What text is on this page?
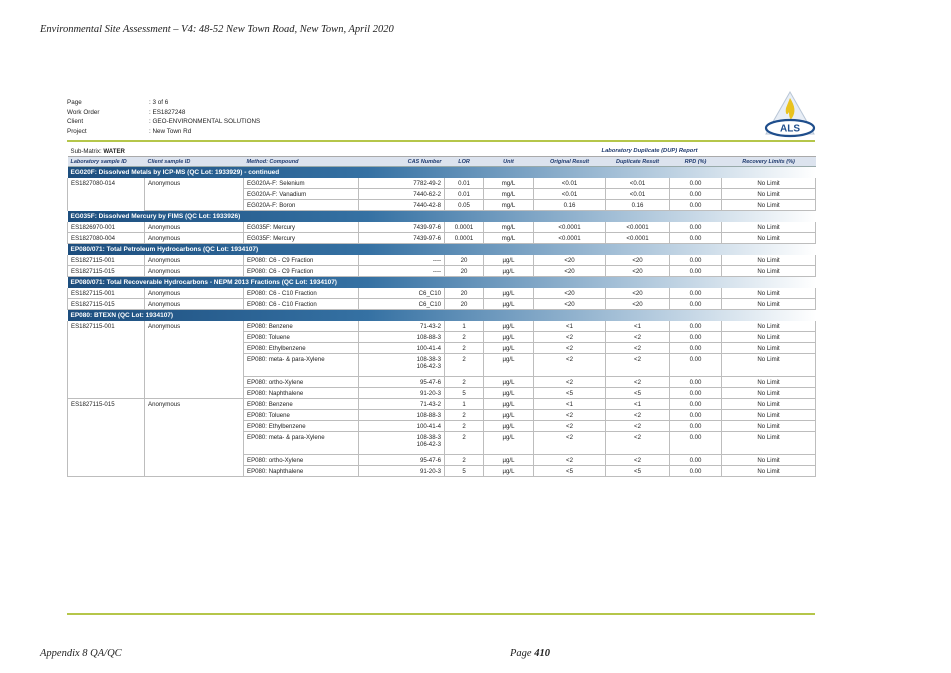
Environmental Site Assessment – V4: 48-52 New Town Road, New Town, April 2020
Page	: 3 of 6
Work Order	: ES1827248
Client	: GEO-ENVIRONMENTAL SOLUTIONS
Project	: New Town Rd	ALS
Sub-Matrix: WATER					Laboratory Duplicate (DUP) Report				
Laboratory sample ID	Client sample ID	Method: Compound	CAS Number	LOR	Unit	Original Result	Duplicate Result	RPD (%)	Recovery Limits (%)
EG020F: Dissolved Metals by ICP-MS (QC Lot: 1933929) - continued									
ES1827080-014	Anonymous	EG020A-F: Selenium	7782-49-2	0.01	mg/L	<0.01	<0.01	0.00	No Limit
		EG020A-F: Vanadium	7440-62-2	0.01	mg/L	<0.01	<0.01	0.00	No Limit
		EG020A-F: Boron	7440-42-8	0.05	mg/L	0.16	0.16	0.00	No Limit
EG035F: Dissolved Mercury by FIMS (QC Lot: 1933926)									
ES1826970-001	Anonymous	EG035F: Mercury	7439-97-6	0.0001	mg/L	<0.0001	<0.0001	0.00	No Limit
ES1827080-004	Anonymous	EG035F: Mercury	7439-97-6	0.0001	mg/L	<0.0001	<0.0001	0.00	No Limit
EP080/071: Total Petroleum Hydrocarbons (QC Lot: 1934107)									
ES1827115-001	Anonymous	EP080: C6 - C9 Fraction	----	20	µg/L	<20	<20	0.00	No Limit
ES1827115-015	Anonymous	EP080: C6 - C9 Fraction	----	20	µg/L	<20	<20	0.00	No Limit
EP080/071: Total Recoverable Hydrocarbons - NEPM 2013 Fractions (QC Lot: 1934107)									
ES1827115-001	Anonymous	EP080: C6 - C10 Fraction	C6_C10	20	µg/L	<20	<20	0.00	No Limit
ES1827115-015	Anonymous	EP080: C6 - C10 Fraction	C6_C10	20	µg/L	<20	<20	0.00	No Limit
EP080: BTEXN (QC Lot: 1934107)									
ES1827115-001	Anonymous	EP080: Benzene	71-43-2	1	µg/L	<1	<1	0.00	No Limit
		EP080: Toluene	108-88-3	2	µg/L	<2	<2	0.00	No Limit
		EP080: Ethylbenzene	100-41-4	2	µg/L	<2	<2	0.00	No Limit
		EP080: meta- & para-Xylene	108-38-3
106-42-3	2	µg/L	<2	<2	0.00	No Limit
		EP080: ortho-Xylene	95-47-6	2	µg/L	<2	<2	0.00	No Limit
		EP080: Naphthalene	91-20-3	5	µg/L	<5	<5	0.00	No Limit
ES1827115-015	Anonymous	EP080: Benzene	71-43-2	1	µg/L	<1	<1	0.00	No Limit
		EP080: Toluene	108-88-3	2	µg/L	<2	<2	0.00	No Limit
		EP080: Ethylbenzene	100-41-4	2	µg/L	<2	<2	0.00	No Limit
		EP080: meta- & para-Xylene	108-38-3
106-42-3	2	µg/L	<2	<2	0.00	No Limit
		EP080: ortho-Xylene	95-47-6	2	µg/L	<2	<2	0.00	No Limit
		EP080: Naphthalene	91-20-3	5	µg/L	<5	<5	0.00	No Limit
Appendix 8 QA/QC	Page 410
